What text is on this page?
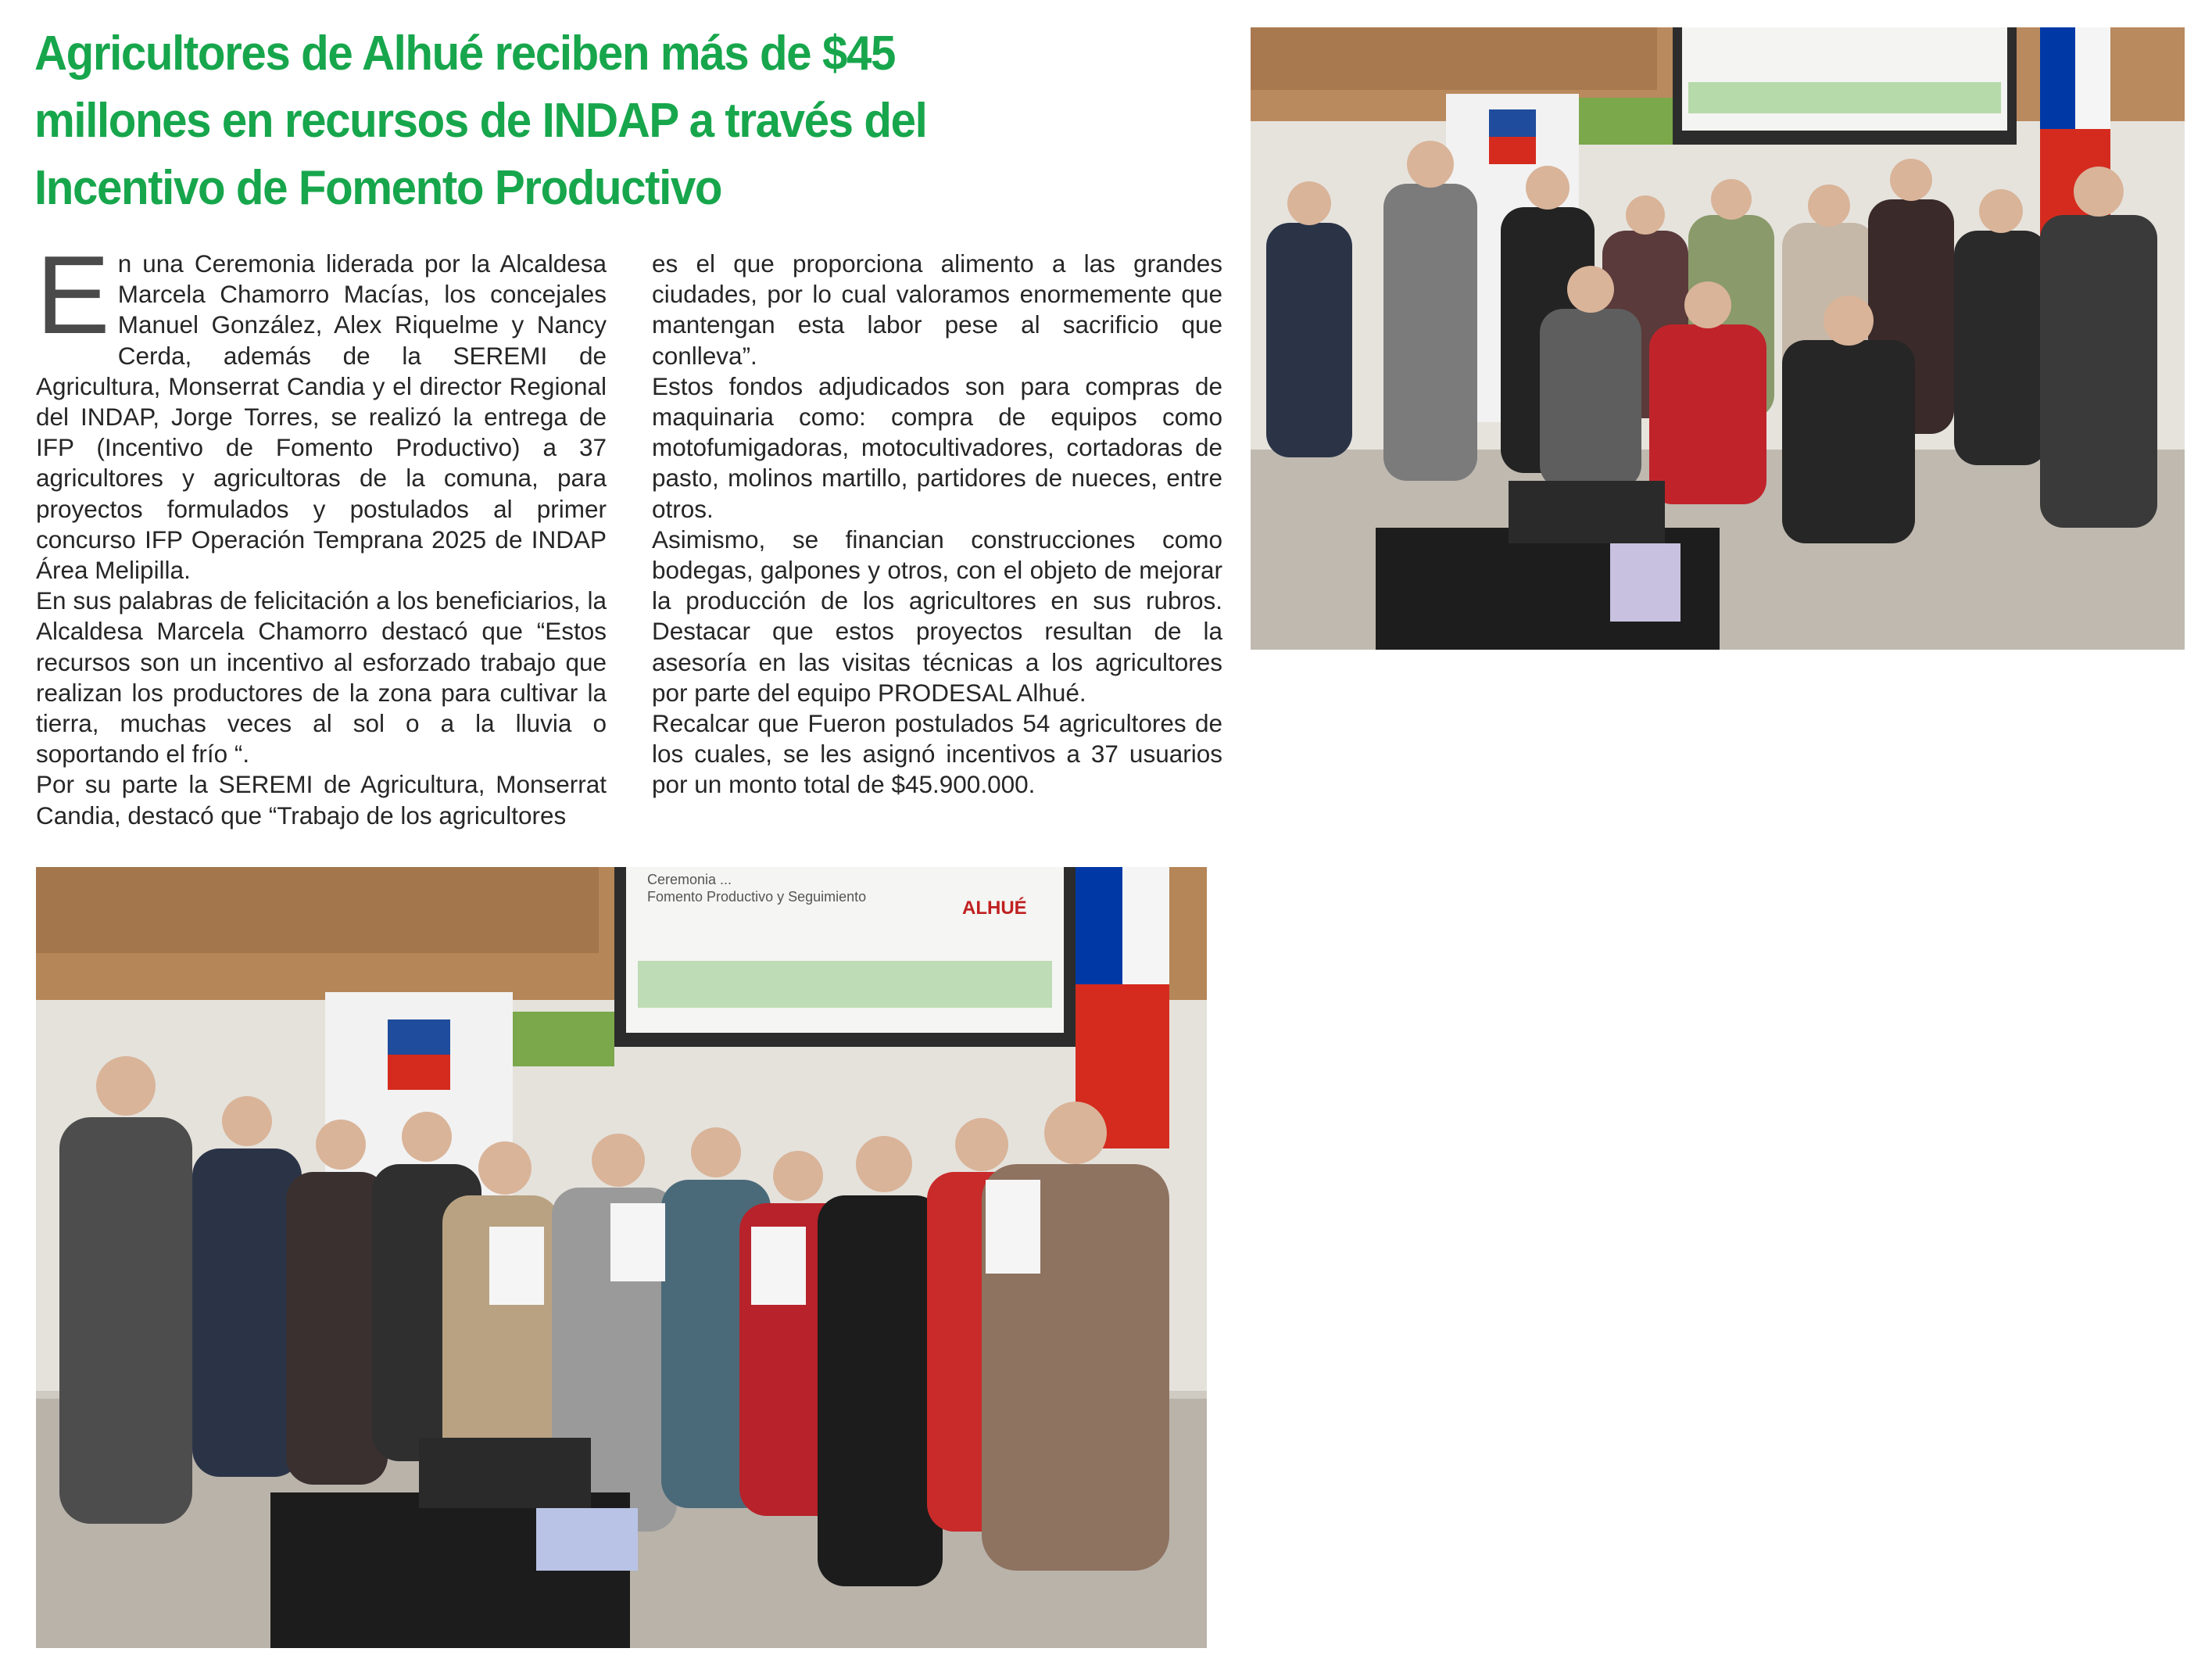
Agricultores de Alhué reciben más de $45 millones en recursos de INDAP a través del Incentivo de Fomento Productivo
E n una Ceremonia liderada por la Alcaldesa Marcela Chamorro Macías, los concejales Manuel González, Alex Riquelme y Nancy Cerda, además de la SEREMI de Agricultura, Monserrat Candia y el director Regional del INDAP, Jorge Torres, se realizó la entrega de IFP (Incentivo de Fomento Productivo) a 37 agricultores y agricultoras de la comuna, para proyectos formulados y postulados al primer concurso IFP Operación Temprana 2025 de INDAP Área Melipilla.

En sus palabras de felicitación a los beneficiarios, la Alcaldesa Marcela Chamorro destacó que “Estos recursos son un incentivo al esforzado trabajo que realizan los productores de la zona para cultivar la tierra, muchas veces al sol o a la lluvia o soportando el frío “.

Por su parte la SEREMI de Agricultura, Monserrat Candia, destacó que “Trabajo de los agricultores

es el que proporciona alimento a las grandes ciudades, por lo cual valoramos enormemente que mantengan esta labor pese al sacrificio que conlleva”.

Estos fondos adjudicados son para compras de maquinaria como: compra de equipos como motofumigadoras, motocultivadores, cortadoras de pasto, molinos martillo, partidores de nueces, entre otros.

Asimismo, se financian construcciones como bodegas, galpones y otros, con el objeto de mejorar la producción de los agricultores en sus rubros. Destacar que estos proyectos resultan de la asesoría en las visitas técnicas a los agricultores por parte del equipo PRODESAL Alhué.

Recalcar que Fueron postulados 54 agricultores de los cuales, se les asignó incentivos a 37 usuarios por un monto total de $45.900.000.

Ceremonia ...
Fomento Productivo y Seguimiento
ALHUÉ
